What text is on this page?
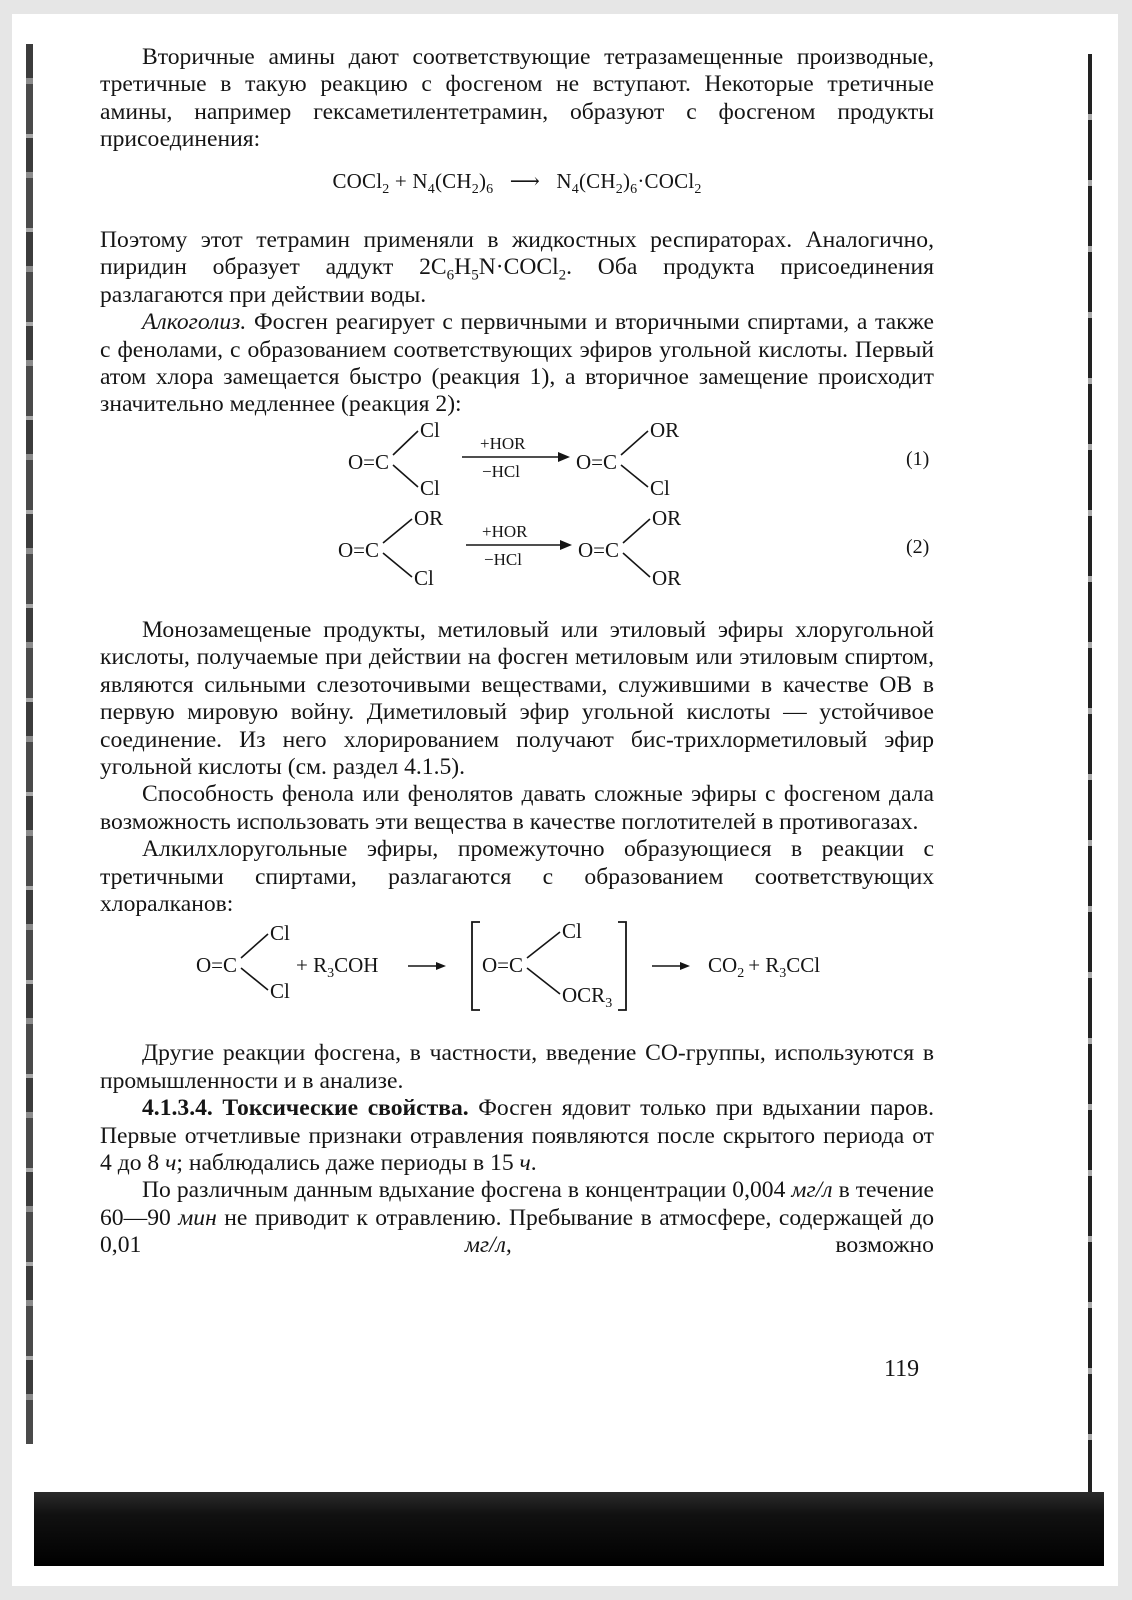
Вторичные амины дают соответствующие тетразамещенные производные, третичные в такую реакцию с фосгеном не вступают. Некоторые третичные амины, например гексаметилентетрамин, образуют с фосгеном продукты присоединения:

COCl$_2$ + $N_4(CH_2)_6$ ⟶ $N_4(CH_2)_6\cdot COCl_2$

Поэтому этот тетрамин применяли в жидкостных респираторах. Аналогично, пиридин образует аддукт $2C_6H_5N\cdot COCl_2$. Оба продукта присоединения разлагаются при действии воды.

Алкоголиз. Фосген реагирует с первичными и вторичными спиртами, а также с фенолами, с образованием соответствующих эфиров угольной кислоты. Первый атом хлора замещается быстро (реакция 1), а вторичное замещение происходит значительно медленнее (реакция 2):

O=C
Cl
Cl
+HOR
−HCl	O=C
OR
Cl
(1)
O=C
OR
Cl
+HOR
−HCl	O=C
OR
OR
(2)

Монозамещеные продукты, метиловый или этиловый эфиры хлоругольной кислоты, получаемые при действии на фосген метиловым или этиловым спиртом, являются сильными слезоточивыми веществами, служившими в качестве ОВ в первую мировую войну. Диметиловый эфир угольной кислоты — устойчивое соединение. Из него хлорированием получают бис-трихлорметиловый эфир угольной кислоты (см. раздел 4.1.5).

Способность фенола или фенолятов давать сложные эфиры с фосгеном дала возможность использовать эти вещества в качестве поглотителей в противогазах.

Алкилхлоругольные эфиры, промежуточно образующиеся в реакции с третичными спиртами, разлагаются с образованием соответствующих хлоралканов:

O=C
Cl
Cl
+ $R_3COH$	O=C
Cl
$OCR_3$
$CO_2 + R_3CCl$

Другие реакции фосгена, в частности, введение CO-группы, используются в промышленности и в анализе.

4.1.3.4. Токсические свойства. Фосген ядовит только при вдыхании паров. Первые отчетливые признаки отравления появляются после скрытого периода от 4 до 8 ч; наблюдались даже периоды в 15 ч.

По различным данным вдыхание фосгена в концентрации 0,004 мг/л в течение 60—90 мин не приводит к отравлению. Пребывание в атмосфере, содержащей до 0,01	мг/л,	возможно

119
